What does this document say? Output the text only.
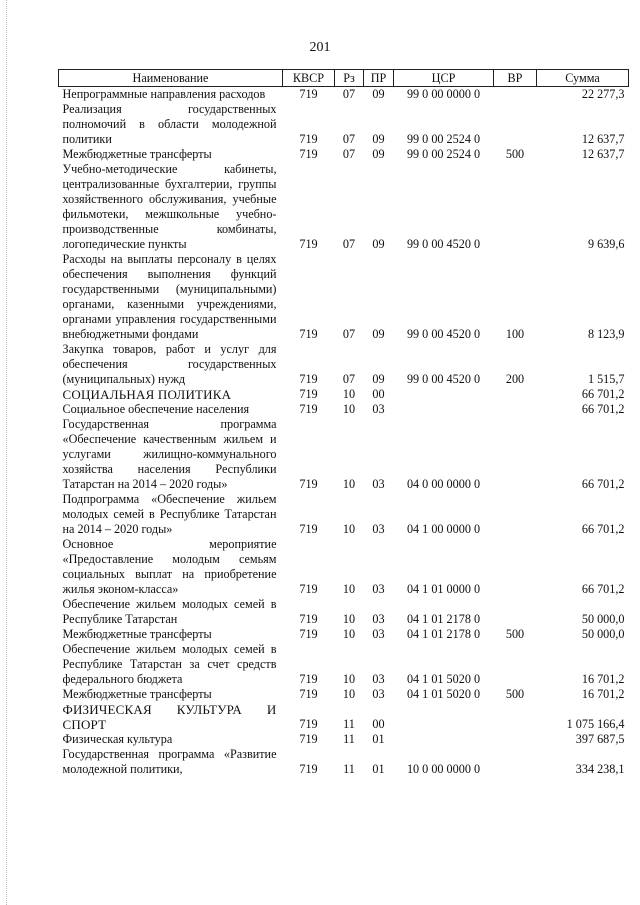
201
Наименование	КВСР	Рз	ПР	ЦСР	ВР	Сумма
Непрограммные направления расходов	719	07	09	99 0 00 0000 0		22 277,3
Реализация государственных полномочий в области молодежной политики	719	07	09	99 0 00 2524 0		12 637,7
Межбюджетные трансферты	719	07	09	99 0 00 2524 0	500	12 637,7
Учебно-методические кабинеты, централизованные бухгалтерии, группы хозяйственного обслуживания, учебные фильмотеки, межшкольные учебно-производственные комбинаты, логопедические пункты	719	07	09	99 0 00 4520 0		9 639,6
Расходы на выплаты персоналу в целях обеспечения выполнения функций государственными (муниципальными) органами, казенными учреждениями, органами управления государственными внебюджетными фондами	719	07	09	99 0 00 4520 0	100	8 123,9
Закупка товаров, работ и услуг для обеспечения государственных (муниципальных) нужд	719	07	09	99 0 00 4520 0	200	1 515,7
СОЦИАЛЬНАЯ ПОЛИТИКА	719	10	00			66 701,2
Социальное обеспечение населения	719	10	03			66 701,2
Государственная программа «Обеспечение качественным жильем и услугами жилищно-коммунального хозяйства населения Республики Татарстан на 2014 – 2020 годы»	719	10	03	04 0 00 0000 0		66 701,2
Подпрограмма «Обеспечение жильем молодых семей в Республике Татарстан на 2014 – 2020 годы»	719	10	03	04 1 00 0000 0		66 701,2
Основное мероприятие «Предоставление молодым семьям социальных выплат на приобретение жилья эконом-класса»	719	10	03	04 1 01 0000 0		66 701,2
Обеспечение жильем молодых семей в Республике Татарстан	719	10	03	04 1 01 2178 0		50 000,0
Межбюджетные трансферты	719	10	03	04 1 01 2178 0	500	50 000,0
Обеспечение жильем молодых семей в Республике Татарстан за счет средств федерального бюджета	719	10	03	04 1 01 5020 0		16 701,2
Межбюджетные трансферты	719	10	03	04 1 01 5020 0	500	16 701,2
ФИЗИЧЕСКАЯ КУЛЬТУРА И СПОРТ	719	11	00			1 075 166,4
Физическая культура	719	11	01			397 687,5
Государственная программа «Развитие молодежной политики,	719	11	01	10 0 00 0000 0		334 238,1
